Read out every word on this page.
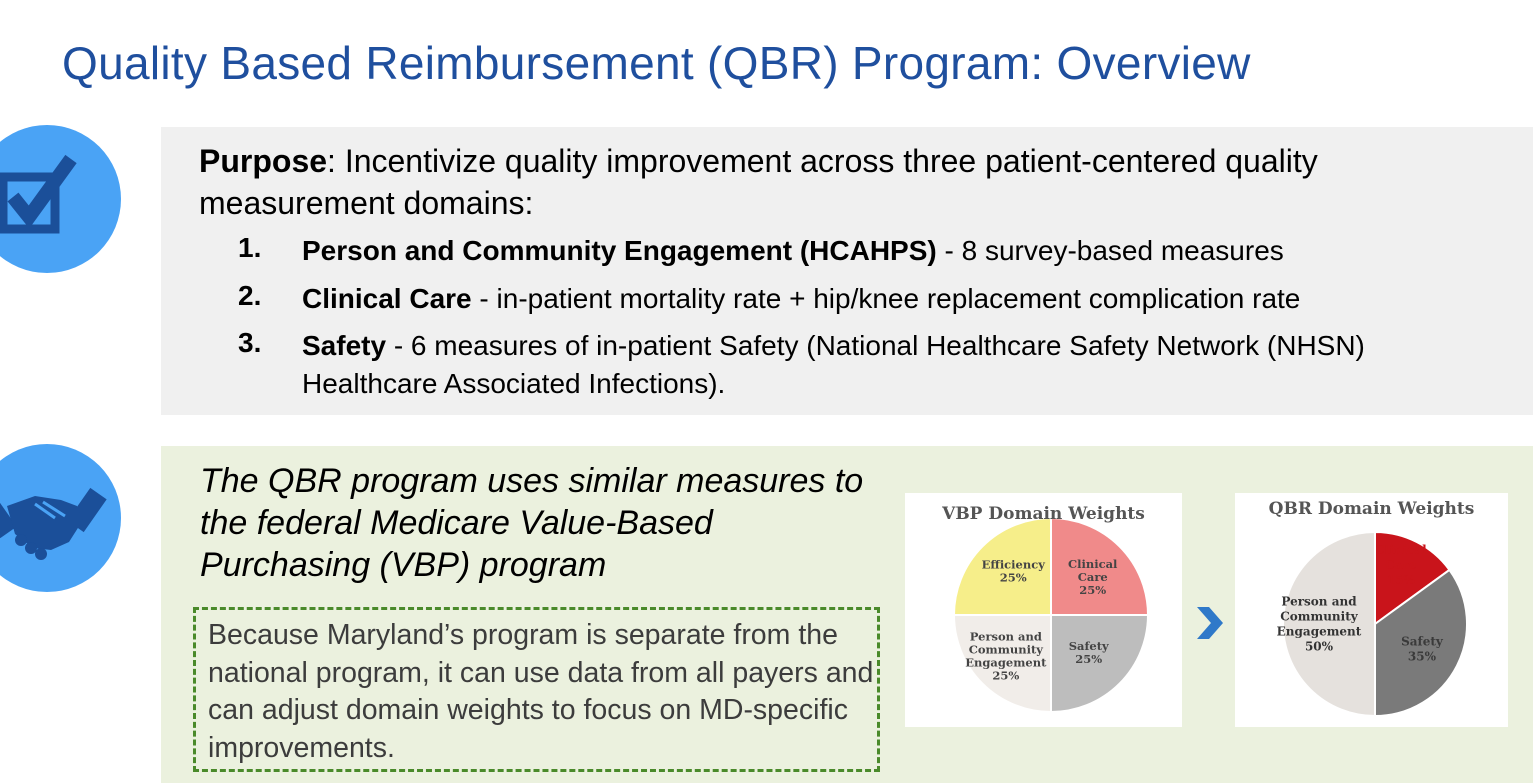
Quality Based Reimbursement (QBR) Program: Overview
Purpose: Incentivize quality improvement across three patient-centered quality measurement domains:
1. Person and Community Engagement (HCAHPS) - 8 survey-based measures
2. Clinical Care - in-patient mortality rate + hip/knee replacement complication rate
3. Safety - 6 measures of in-patient Safety (National Healthcare Safety Network (NHSN) Healthcare Associated Infections).
The QBR program uses similar measures to the federal Medicare Value-Based Purchasing (VBP) program
Because Maryland’s program is separate from the national program, it can use data from all payers and can adjust domain weights to focus on MD-specific improvements.
VBP Domain Weights
Clinical Care 25%
Safety 25%
Person and Community Engagement 25%
Efficiency 25%
QBR Domain Weights
Clinical Care 15%
Safety 35%
Person and Community Engagement 50%
